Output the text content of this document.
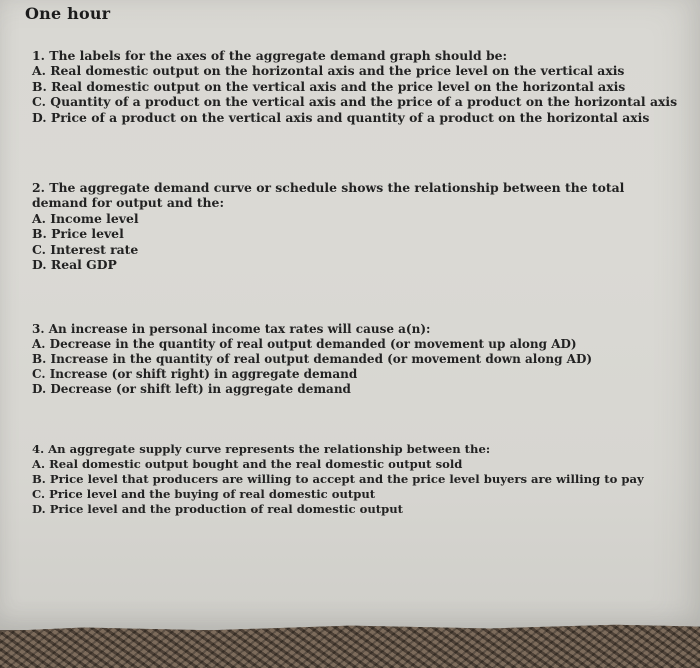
One hour
1. The labels for the axes of the aggregate demand graph should be:
A. Real domestic output on the horizontal axis and the price level on the vertical axis
B. Real domestic output on the vertical axis and the price level on the horizontal axis
C. Quantity of a product on the vertical axis and the price of a product on the horizontal axis
D. Price of a product on the vertical axis and quantity of a product on the horizontal axis
2. The aggregate demand curve or schedule shows the relationship between the total demand for output and the:
A. Income level
B. Price level
C. Interest rate
D. Real GDP
3. An increase in personal income tax rates will cause a(n):
A. Decrease in the quantity of real output demanded (or movement up along AD)
B. Increase in the quantity of real output demanded (or movement down along AD)
C. Increase (or shift right) in aggregate demand
D. Decrease (or shift left) in aggregate demand
4. An aggregate supply curve represents the relationship between the:
A. Real domestic output bought and the real domestic output sold
B. Price level that producers are willing to accept and the price level buyers are willing to pay
C. Price level and the buying of real domestic output
D. Price level and the production of real domestic output
